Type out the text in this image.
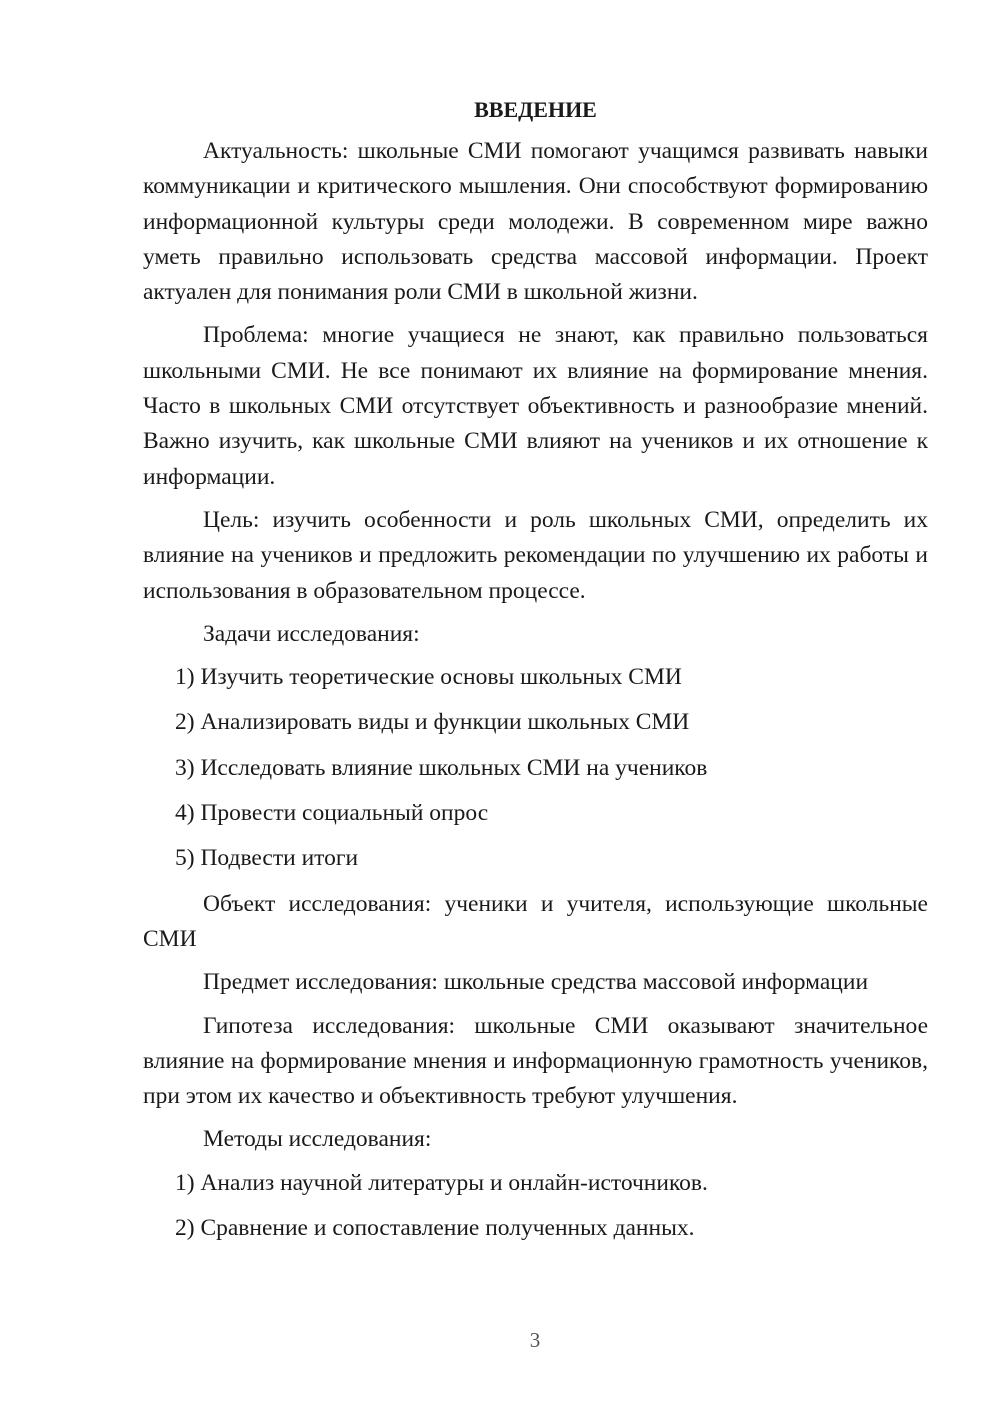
ВВЕДЕНИЕ

Актуальность: школьные СМИ помогают учащимся развивать навыки коммуникации и критического мышления. Они способствуют формированию информационной культуры среди молодежи. В современном мире важно уметь правильно использовать средства массовой информации. Проект актуален для понимания роли СМИ в школьной жизни.

Проблема: многие учащиеся не знают, как правильно пользоваться школьными СМИ. Не все понимают их влияние на формирование мнения. Часто в школьных СМИ отсутствует объективность и разнообразие мнений. Важно изучить, как школьные СМИ влияют на учеников и их отношение к информации.

Цель: изучить особенности и роль школьных СМИ, определить их влияние на учеников и предложить рекомендации по улучшению их работы и использования в образовательном процессе.

Задачи исследования:

1) Изучить теоретические основы школьных СМИ
2) Анализировать виды и функции школьных СМИ
3) Исследовать влияние школьных СМИ на учеников
4) Провести социальный опрос
5) Подвести итоги

Объект исследования: ученики и учителя, использующие школьные СМИ

Предмет исследования: школьные средства массовой информации

Гипотеза исследования: школьные СМИ оказывают значительное влияние на формирование мнения и информационную грамотность учеников, при этом их качество и объективность требуют улучшения.

Методы исследования:

1) Анализ научной литературы и онлайн-источников.
2) Сравнение и сопоставление полученных данных.
3
